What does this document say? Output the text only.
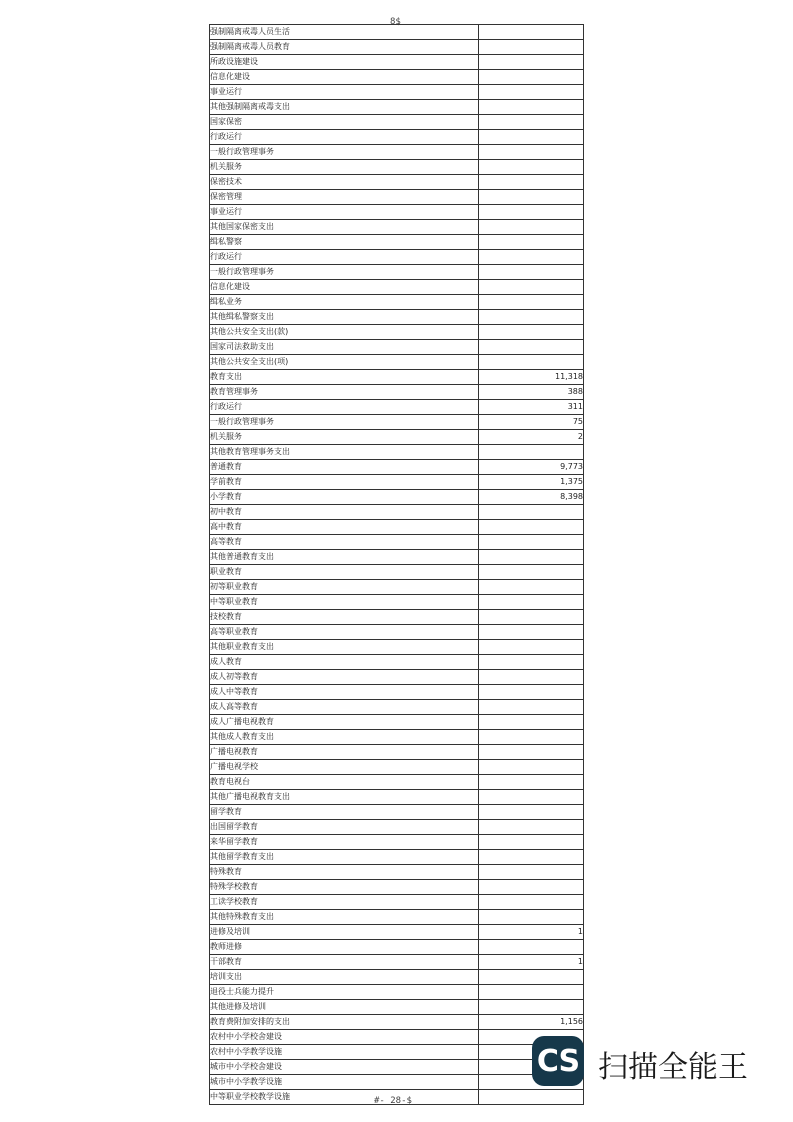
8$
强制隔离戒毒人员生活	
强制隔离戒毒人员教育	
所政设施建设	
信息化建设	
事业运行	
其他强制隔离戒毒支出	
国家保密	
行政运行	
一般行政管理事务	
机关服务	
保密技术	
保密管理	
事业运行	
其他国家保密支出	
缉私警察	
行政运行	
一般行政管理事务	
信息化建设	
缉私业务	
其他缉私警察支出	
其他公共安全支出(款)	
国家司法救助支出	
其他公共安全支出(项)	
教育支出	11,318
教育管理事务	388
行政运行	311
一般行政管理事务	75
机关服务	2
其他教育管理事务支出	
普通教育	9,773
学前教育	1,375
小学教育	8,398
初中教育	
高中教育	
高等教育	
其他普通教育支出	
职业教育	
初等职业教育	
中等职业教育	
技校教育	
高等职业教育	
其他职业教育支出	
成人教育	
成人初等教育	
成人中等教育	
成人高等教育	
成人广播电视教育	
其他成人教育支出	
广播电视教育	
广播电视学校	
教育电视台	
其他广播电视教育支出	
留学教育	
出国留学教育	
来华留学教育	
其他留学教育支出	
特殊教育	
特殊学校教育	
工读学校教育	
其他特殊教育支出	
进修及培训	1
教师进修	
干部教育	1
培训支出	
退役士兵能力提升	
其他进修及培训	
教育费附加安排的支出	1,156
农村中小学校舍建设	
农村中小学教学设施	
城市中小学校舍建设	
城市中小学教学设施	
中等职业学校教学设施		#- 28-$
CS 扫描全能王
